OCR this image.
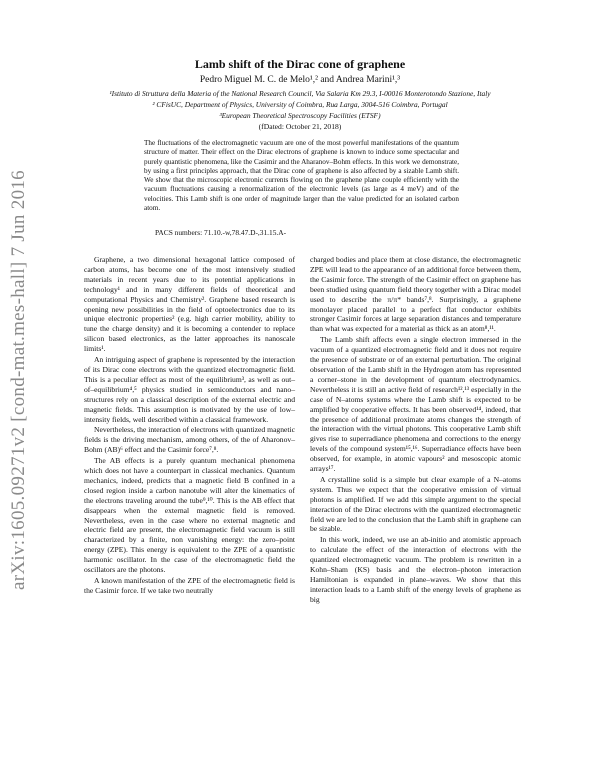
arXiv:1605.09271v2 [cond-mat.mes-hall] 7 Jun 2016
Lamb shift of the Dirac cone of graphene
Pedro Miguel M. C. de Melo¹,² and Andrea Marini¹,³
¹Istituto di Struttura della Materia of the National Research Council, Via Salaria Km 29.3, I-00016 Monterotondo Stazione, Italy
² CFisUC, Department of Physics, University of Coimbra, Rua Larga, 3004-516 Coimbra, Portugal
³European Theoretical Spectroscopy Facilities (ETSF)
(fDated: October 21, 2018)
The fluctuations of the electromagnetic vacuum are one of the most powerful manifestations of the quantum structure of matter. Their effect on the Dirac electrons of graphene is known to induce some spectacular and purely quantistic phenomena, like the Casimir and the Aharanov–Bohm effects. In this work we demonstrate, by using a first principles approach, that the Dirac cone of graphene is also affected by a sizable Lamb shift. We show that the microscopic electronic currents flowing on the graphene plane couple efficiently with the vacuum fluctuations causing a renormalization of the electronic levels (as large as 4 meV) and of the velocities. This Lamb shift is one order of magnitude larger than the value predicted for an isolated carbon atom.
PACS numbers: 71.10.-w,78.47.D-,31.15.A-

Graphene, a two dimensional hexagonal lattice composed of carbon atoms, has become one of the most intensively studied materials in recent years due to its potential applications in technology¹ and in many different fields of theoretical and computational Physics and Chemistry². Graphene based research is opening new possibilities in the field of optoelectronics due to its unique electronic properties² (e.g. high carrier mobility, ability to tune the charge density) and it is becoming a contender to replace silicon based electronics, as the latter approaches its nanoscale limits¹.

An intriguing aspect of graphene is represented by the interaction of its Dirac cone electrons with the quantized electromagnetic field. This is a peculiar effect as most of the equilibrium³, as well as out–of–equilibrium⁴,⁵ physics studied in semiconductors and nano–structures rely on a classical description of the external electric and magnetic fields. This assumption is motivated by the use of low–intensity fields, well described within a classical framework.

Nevertheless, the interaction of electrons with quantized magnetic fields is the driving mechanism, among others, of the of Aharonov–Bohm (AB)⁶ effect and the Casimir force⁷,⁸.

The AB effects is a purely quantum mechanical phenomena which does not have a counterpart in classical mechanics. Quantum mechanics, indeed, predicts that a magnetic field B confined in a closed region inside a carbon nanotube will alter the kinematics of the electrons traveling around the tube⁹,¹⁰. This is the AB effect that disappears when the external magnetic field is removed. Nevertheless, even in the case where no external magnetic and electric field are present, the electromagnetic field vacuum is still characterized by a finite, non vanishing energy: the zero–point energy (ZPE). This energy is equivalent to the ZPE of a quantistic harmonic oscillator. In the case of the electromagnetic field the oscillators are the photons.

A known manifestation of the ZPE of the electromagnetic field is the Casimir force. If we take two neutrally

charged bodies and place them at close distance, the electromagnetic ZPE will lead to the appearance of an additional force between them, the Casimir force. The strength of the Casimir effect on graphene has been studied using quantum field theory together with a Dirac model used to describe the π/π* bands⁷,⁸. Surprisingly, a graphene monolayer placed parallel to a perfect flat conductor exhibits stronger Casimir forces at large separation distances and temperature than what was expected for a material as thick as an atom⁸,¹¹.

The Lamb shift affects even a single electron immersed in the vacuum of a quantized electromagnetic field and it does not require the presence of substrate or of an external perturbation. The original observation of the Lamb shift in the Hydrogen atom has represented a corner–stone in the development of quantum electrodynamics. Nevertheless it is still an active field of research¹²,¹³ especially in the case of N–atoms systems where the Lamb shift is expected to be amplified by cooperative effects. It has been observed¹⁴, indeed, that the presence of additional proximate atoms changes the strength of the interaction with the virtual photons. This cooperative Lamb shift gives rise to superradiance phenomena and corrections to the energy levels of the compound system¹⁵,¹⁶. Superradiance effects have been observed, for example, in atomic vapours² and mesoscopic atomic arrays¹⁷.

A crystalline solid is a simple but clear example of a N–atoms system. Thus we expect that the cooperative emission of virtual photons is amplified. If we add this simple argument to the special interaction of the Dirac electrons with the quantized electromagnetic field we are led to the conclusion that the Lamb shift in graphene can be sizable.

In this work, indeed, we use an ab-initio and atomistic approach to calculate the effect of the interaction of electrons with the quantized electromagnetic vacuum. The problem is rewritten in a Kohn–Sham (KS) basis and the electron–photon interaction Hamiltonian is expanded in plane–waves. We show that this interaction leads to a Lamb shift of the energy levels of graphene as big
